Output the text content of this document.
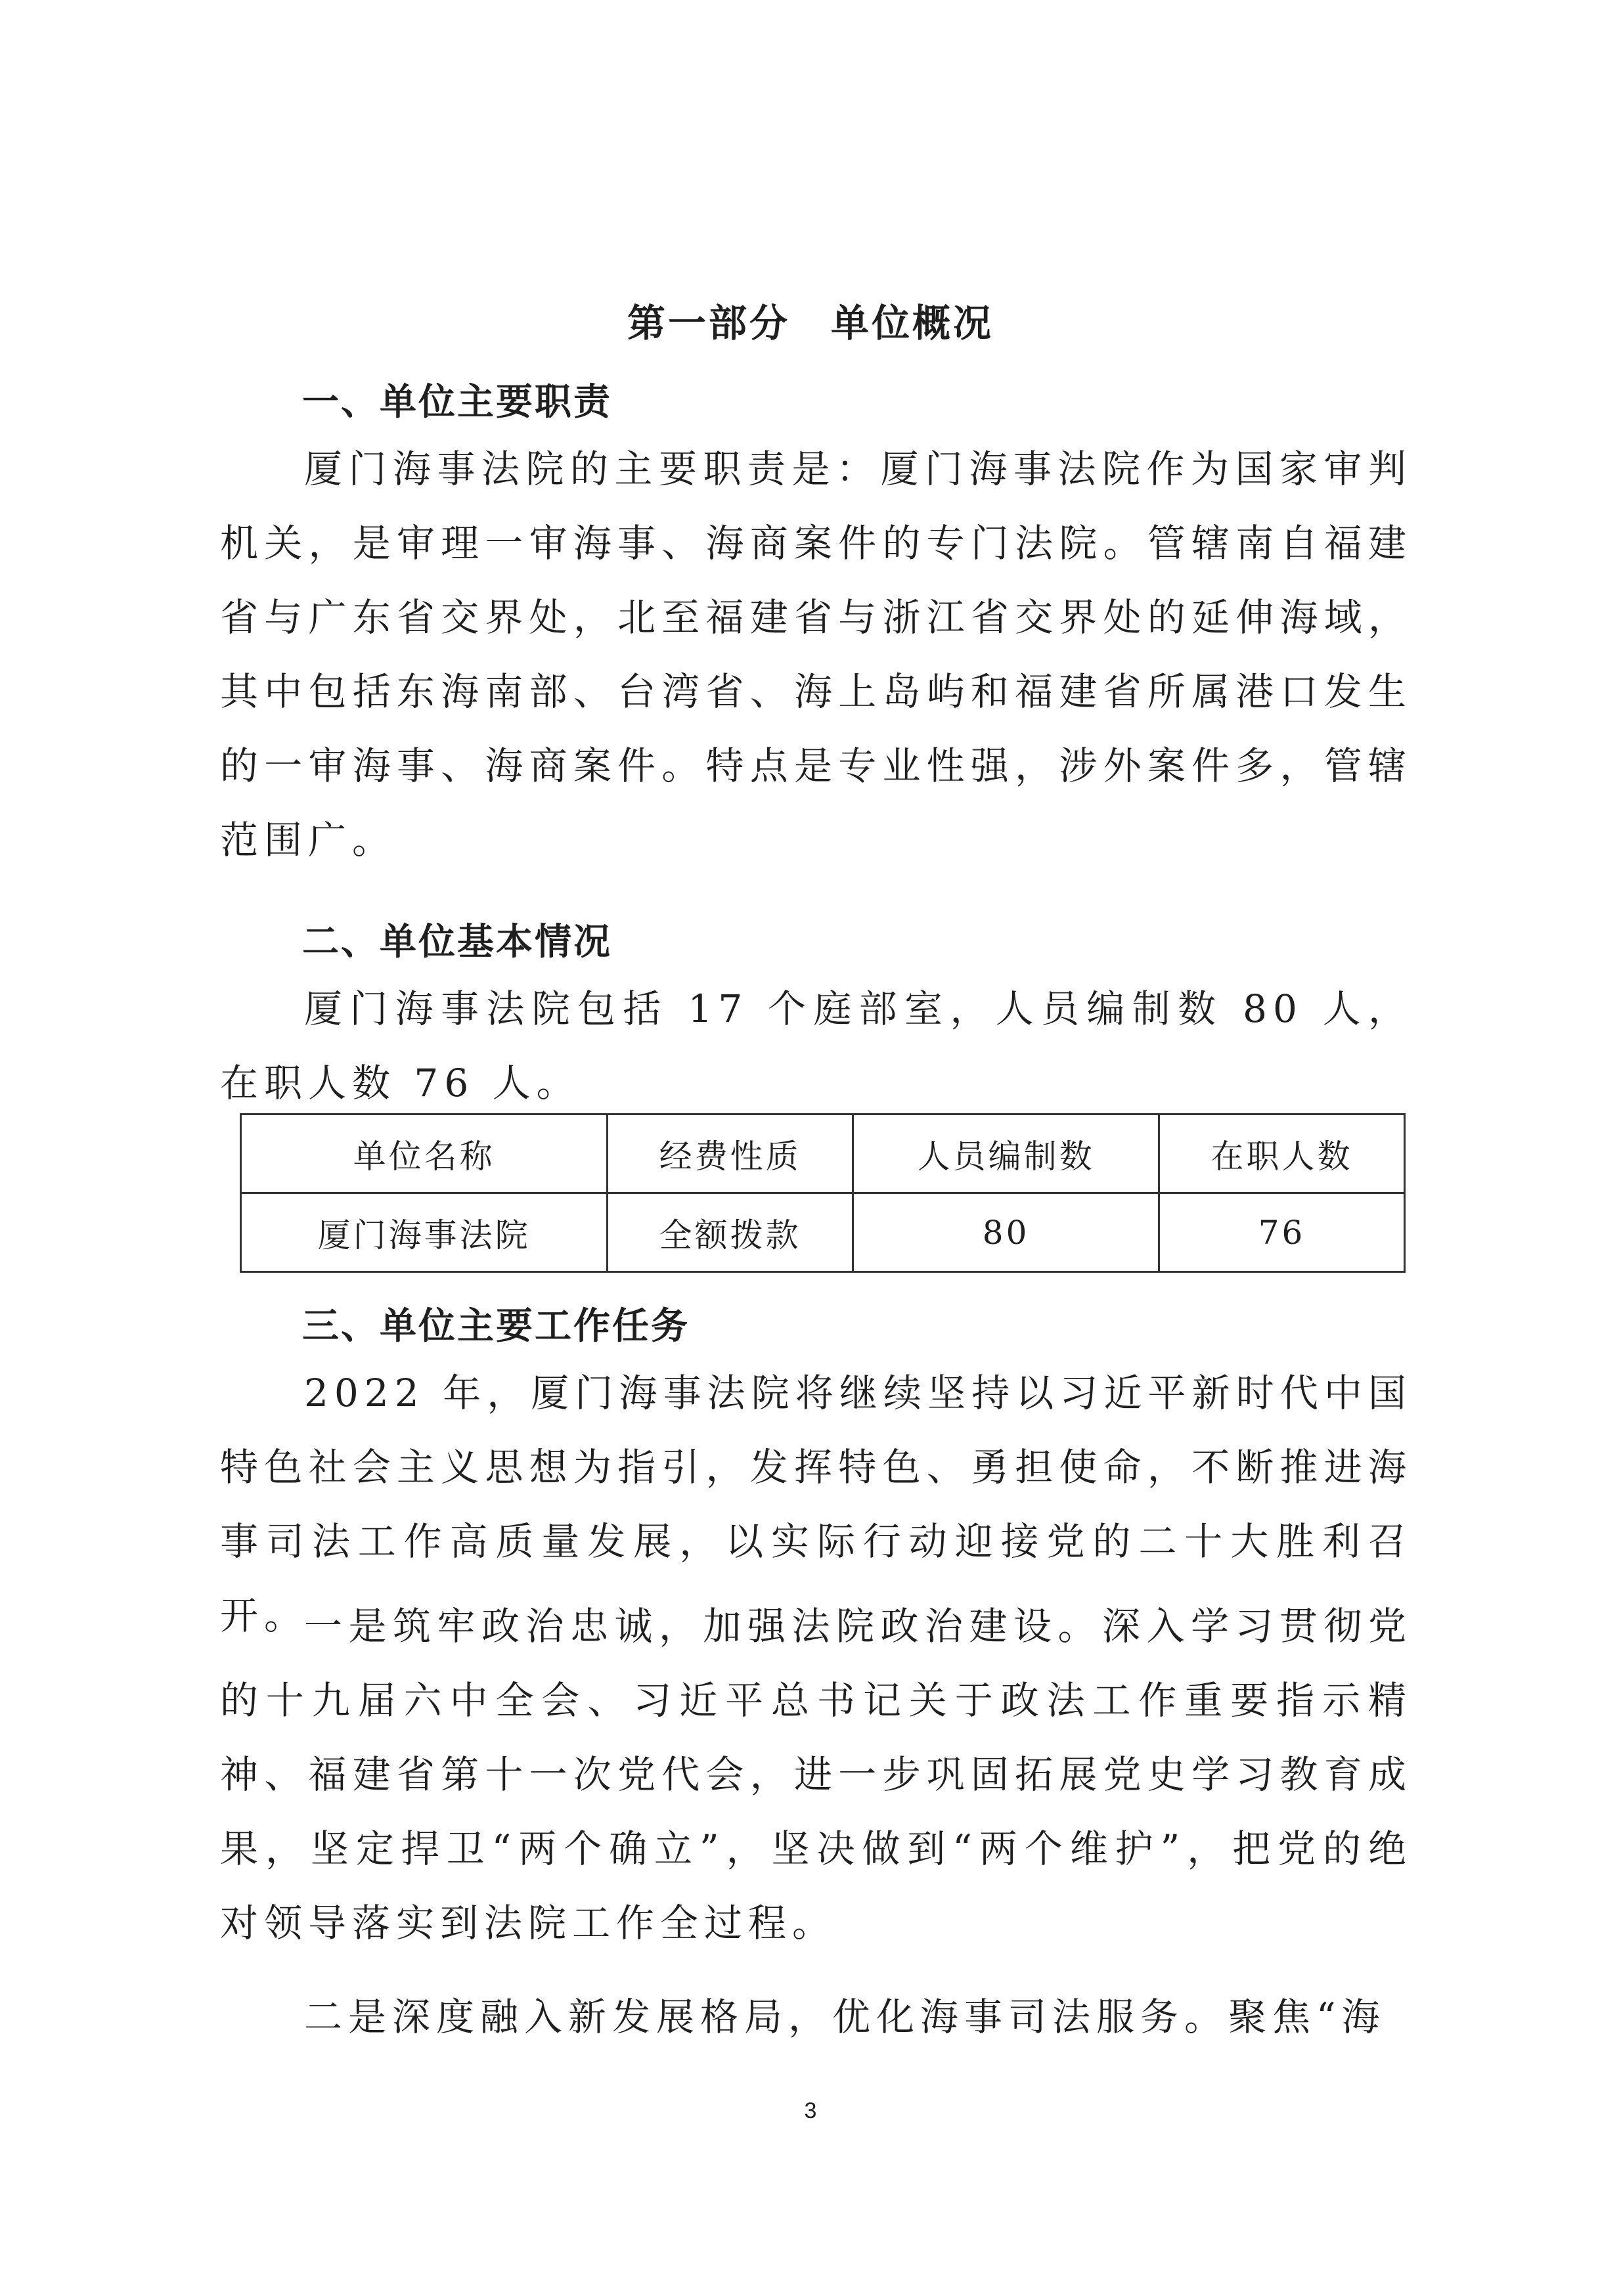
第一部分　单位概况
一、单位主要职责

厦门海事法院的主要职责是：厦门海事法院作为国家审判机关，是审理一审海事、海商案件的专门法院。管辖南自福建省与广东省交界处，北至福建省与浙江省交界处的延伸海域，其中包括东海南部、台湾省、海上岛屿和福建省所属港口发生的一审海事、海商案件。特点是专业性强，涉外案件多，管辖范围广。

二、单位基本情况

厦门海事法院包括 17 个庭部室，人员编制数 80 人，在职人数 76 人。

单位名称	经费性质	人员编制数	在职人数
厦门海事法院	全额拨款	80	76
三、单位主要工作任务

2022 年，厦门海事法院将继续坚持以习近平新时代中国特色社会主义思想为指引，发挥特色、勇担使命，不断推进海事司法工作高质量发展，以实际行动迎接党的二十大胜利召开。

一是筑牢政治忠诚，加强法院政治建设。深入学习贯彻党的十九届六中全会、习近平总书记关于政法工作重要指示精神、福建省第十一次党代会，进一步巩固拓展党史学习教育成果，坚定捍卫“两个确立”，坚决做到“两个维护”，把党的绝对领导落实到法院工作全过程。

二是深度融入新发展格局，优化海事司法服务。聚焦“海

3
